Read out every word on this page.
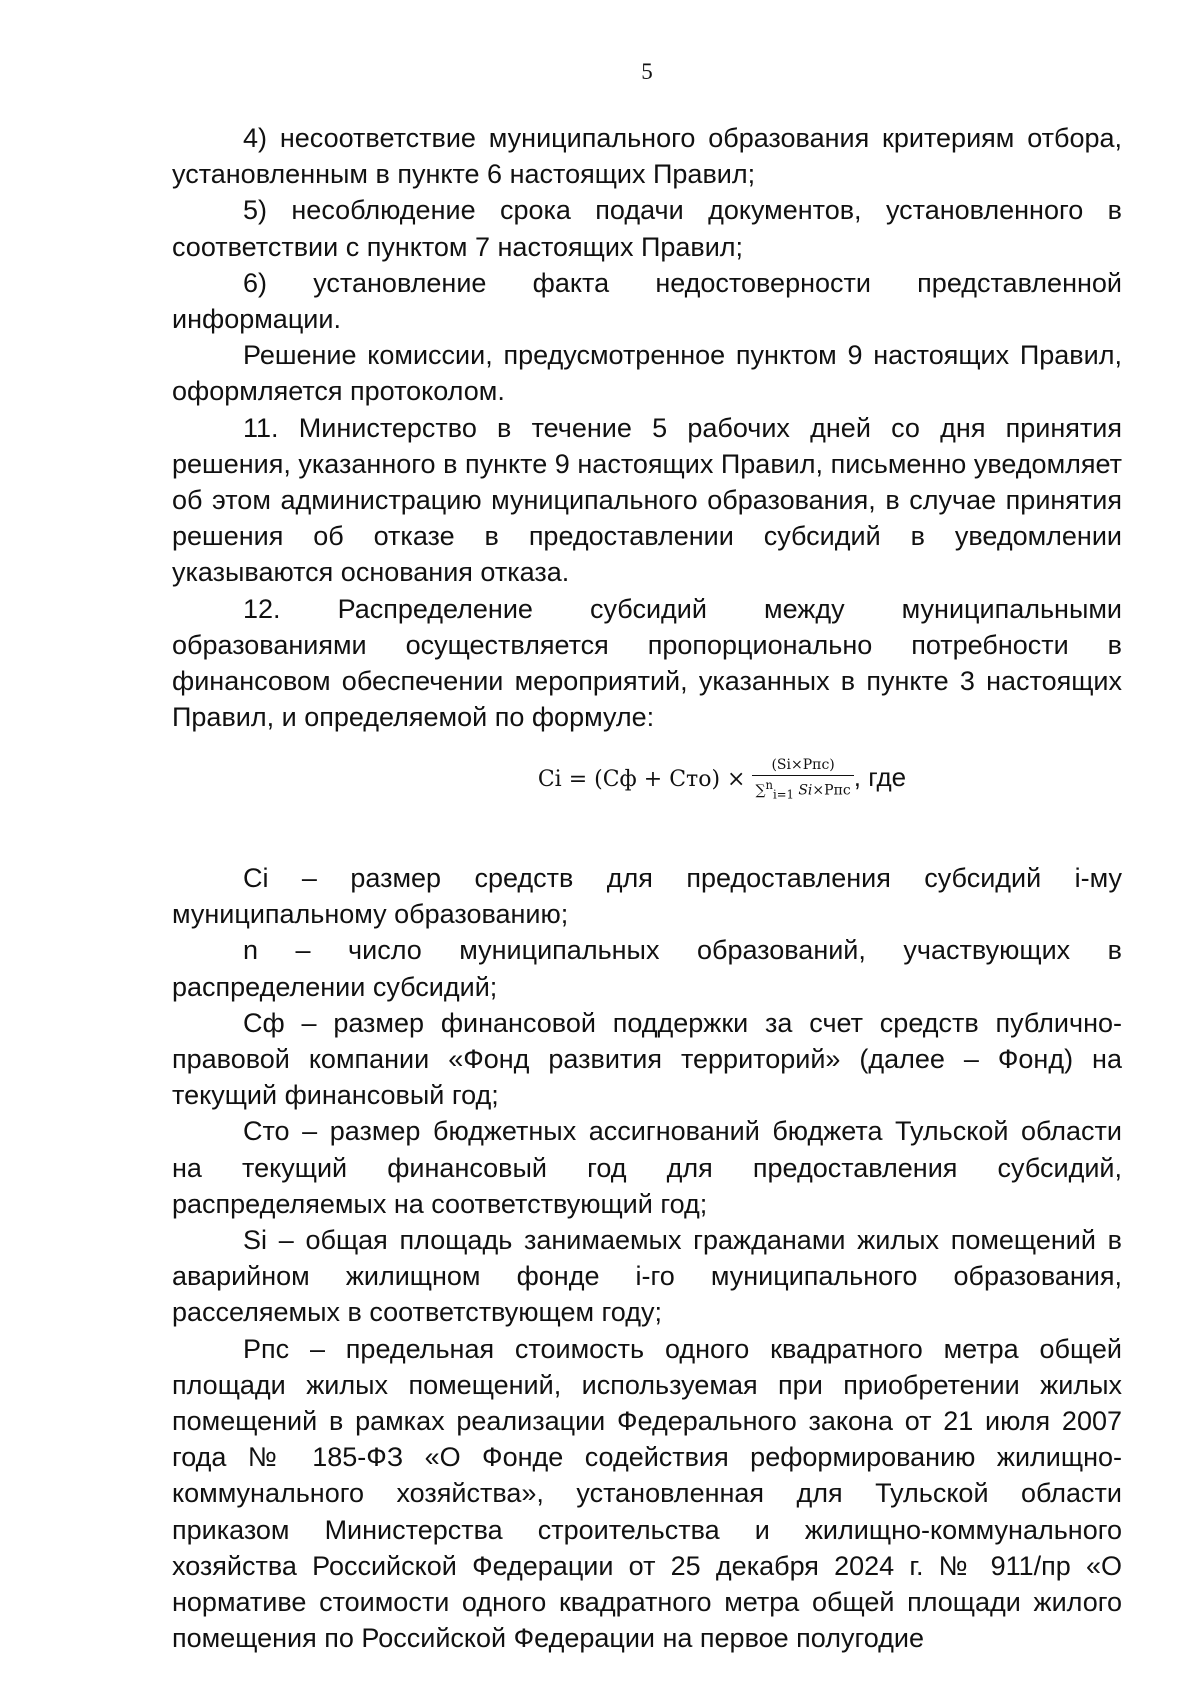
5

4) несоответствие муниципального образования критериям отбора, установленным в пункте 6 настоящих Правил;

5) несоблюдение срока подачи документов, установленного в соответствии с пунктом 7 настоящих Правил;

6) установление факта недостоверности представленной информации.

Решение комиссии, предусмотренное пунктом 9 настоящих Правил, оформляется протоколом.

11. Министерство в течение 5 рабочих дней со дня принятия решения, указанного в пункте 9 настоящих Правил, письменно уведомляет об этом администрацию муниципального образования, в случае принятия решения об отказе в предоставлении субсидий в уведомлении указываются основания отказа.

12. Распределение субсидий между муниципальными образованиями осуществляется пропорционально потребности в финансовом обеспечении мероприятий, указанных в пункте 3 настоящих Правил, и определяемой по формуле:

$Ci = (Сф + Сто) \times \frac{\text{(Si×Pпс)}}{\sum^n_{i=1} Si\times Pпс}$ , где

Ci – размер средств для предоставления субсидий i-му муниципальному образованию;

n – число муниципальных образований, участвующих в распределении субсидий;

Сф – размер финансовой поддержки за счет средств публично-правовой компании «Фонд развития территорий» (далее – Фонд) на текущий финансовый год;

Сто – размер бюджетных ассигнований бюджета Тульской области на текущий финансовый год для предоставления субсидий, распределяемых на соответствующий год;

Si – общая площадь занимаемых гражданами жилых помещений в аварийном жилищном фонде i-го муниципального образования, расселяемых в соответствующем году;

Рпс – предельная стоимость одного квадратного метра общей площади жилых помещений, используемая при приобретении жилых помещений в рамках реализации Федерального закона от 21 июля 2007 года № 185-ФЗ «О Фонде содействия реформированию жилищно-коммунального хозяйства», установленная для Тульской области приказом Министерства строительства и жилищно-коммунального хозяйства Российской Федерации от 25 декабря 2024 г. № 911/пр «О нормативе стоимости одного квадратного метра общей площади жилого помещения по Российской Федерации на первое полугодие
